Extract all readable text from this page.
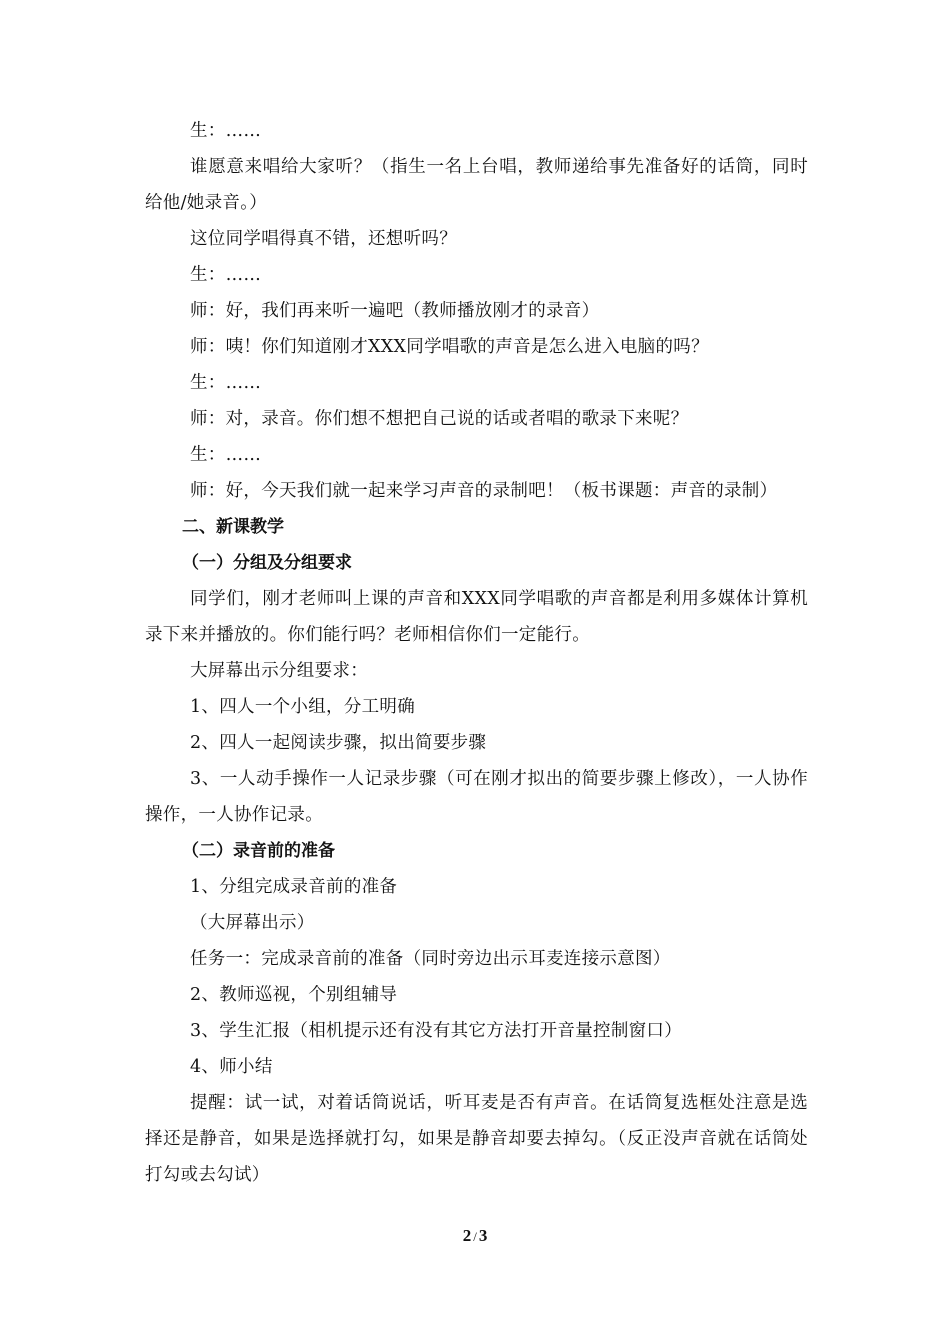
生：……

谁愿意来唱给大家听？（指生一名上台唱，教师递给事先准备好的话筒，同时给他/她录音。）

这位同学唱得真不错，还想听吗？

生：……

师：好，我们再来听一遍吧（教师播放刚才的录音）

师：咦！你们知道刚才XXX同学唱歌的声音是怎么进入电脑的吗？

生：……

师：对，录音。你们想不想把自己说的话或者唱的歌录下来呢？

生：……

师：好，今天我们就一起来学习声音的录制吧！（板书课题：声音的录制）

二、新课教学

（一）分组及分组要求

同学们，刚才老师叫上课的声音和XXX同学唱歌的声音都是利用多媒体计算机录下来并播放的。你们能行吗？老师相信你们一定能行。

大屏幕出示分组要求：

1、四人一个小组，分工明确

2、四人一起阅读步骤，拟出简要步骤

3、一人动手操作一人记录步骤（可在刚才拟出的简要步骤上修改），一人协作操作，一人协作记录。

（二）录音前的准备

1、分组完成录音前的准备

（大屏幕出示）

任务一：完成录音前的准备（同时旁边出示耳麦连接示意图）

2、教师巡视，个别组辅导

3、学生汇报（相机提示还有没有其它方法打开音量控制窗口）

4、师小结

提醒：试一试，对着话筒说话，听耳麦是否有声音。在话筒复选框处注意是选择还是静音，如果是选择就打勾，如果是静音却要去掉勾。（反正没声音就在话筒处打勾或去勾试）

2 / 3
